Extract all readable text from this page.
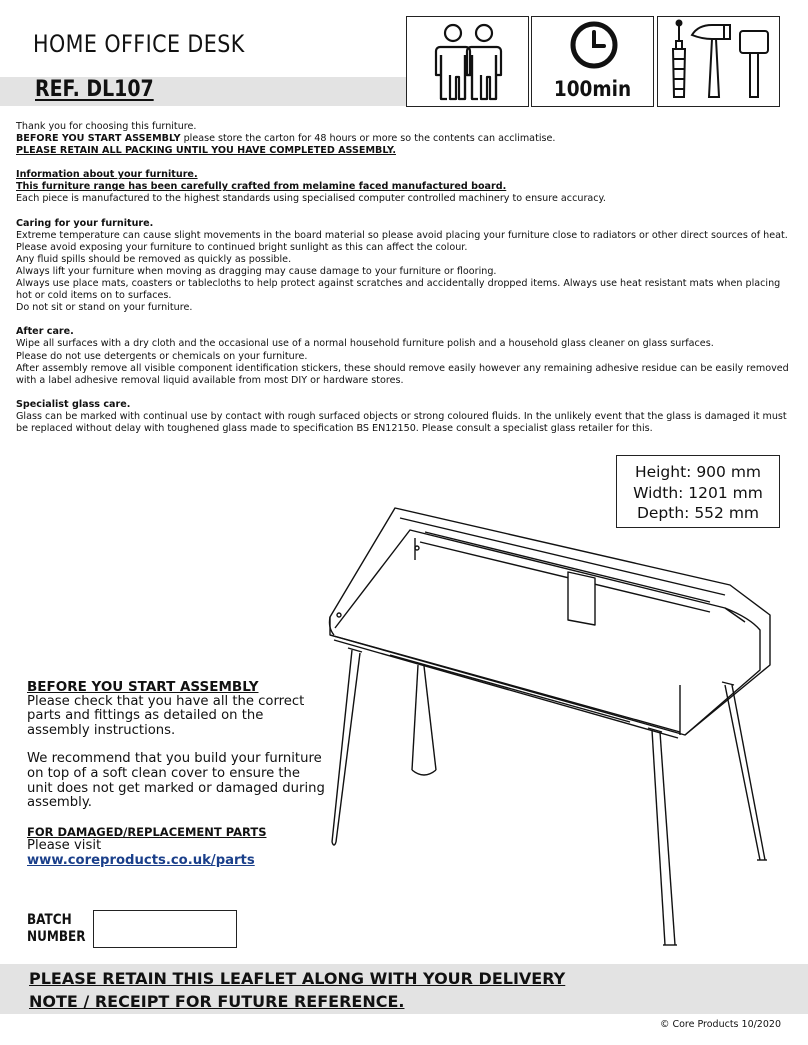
HOME OFFICE DESK
REF. DL107	100min

Thank you for choosing this furniture.

BEFORE YOU START ASSEMBLY please store the carton for 48 hours or more so the contents can acclimatise.

PLEASE RETAIN ALL PACKING UNTIL YOU HAVE COMPLETED ASSEMBLY.

Information about your furniture.

This furniture range has been carefully crafted from melamine faced manufactured board.

Each piece is manufactured to the highest standards using specialised computer controlled machinery to ensure accuracy.

Caring for your furniture.

Extreme temperature can cause slight movements in the board material so please avoid placing your furniture close to radiators or other direct sources of heat.

Please avoid exposing your furniture to continued bright sunlight as this can affect the colour.

Any fluid spills should be removed as quickly as possible.

Always lift your furniture when moving as dragging may cause damage to your furniture or flooring.

Always use place mats, coasters or tablecloths to help protect against scratches and accidentally dropped items. Always use heat resistant mats when placing hot or cold items on to surfaces.

Do not sit or stand on your furniture.

After care.

Wipe all surfaces with a dry cloth and the occasional use of a normal household furniture polish and a household glass cleaner on glass surfaces.

Please do not use detergents or chemicals on your furniture.

After assembly remove all visible component identification stickers, these should remove easily however any remaining adhesive residue can be easily removed with a label adhesive removal liquid available from most DIY or hardware stores.

Specialist glass care.

Glass can be marked with continual use by contact with rough surfaced objects or strong coloured fluids. In the unlikely event that the glass is damaged it must be replaced without delay with toughened glass made to specification BS EN12150. Please consult a specialist glass retailer for this.

Height: 900 mm
Width: 1201 mm
Depth: 552 mm
BEFORE YOU START ASSEMBLY
Please check that you have all the correct parts and fittings as detailed on the assembly instructions.
We recommend that you build your furniture on top of a soft clean cover to ensure the unit does not get marked or damaged during assembly.
FOR DAMAGED/REPLACEMENT PARTS
Please visit
www.coreproducts.co.uk/parts
BATCH
NUMBER
PLEASE RETAIN THIS LEAFLET ALONG WITH YOUR DELIVERY
NOTE / RECEIPT FOR FUTURE REFERENCE.
© Core Products 10/2020
